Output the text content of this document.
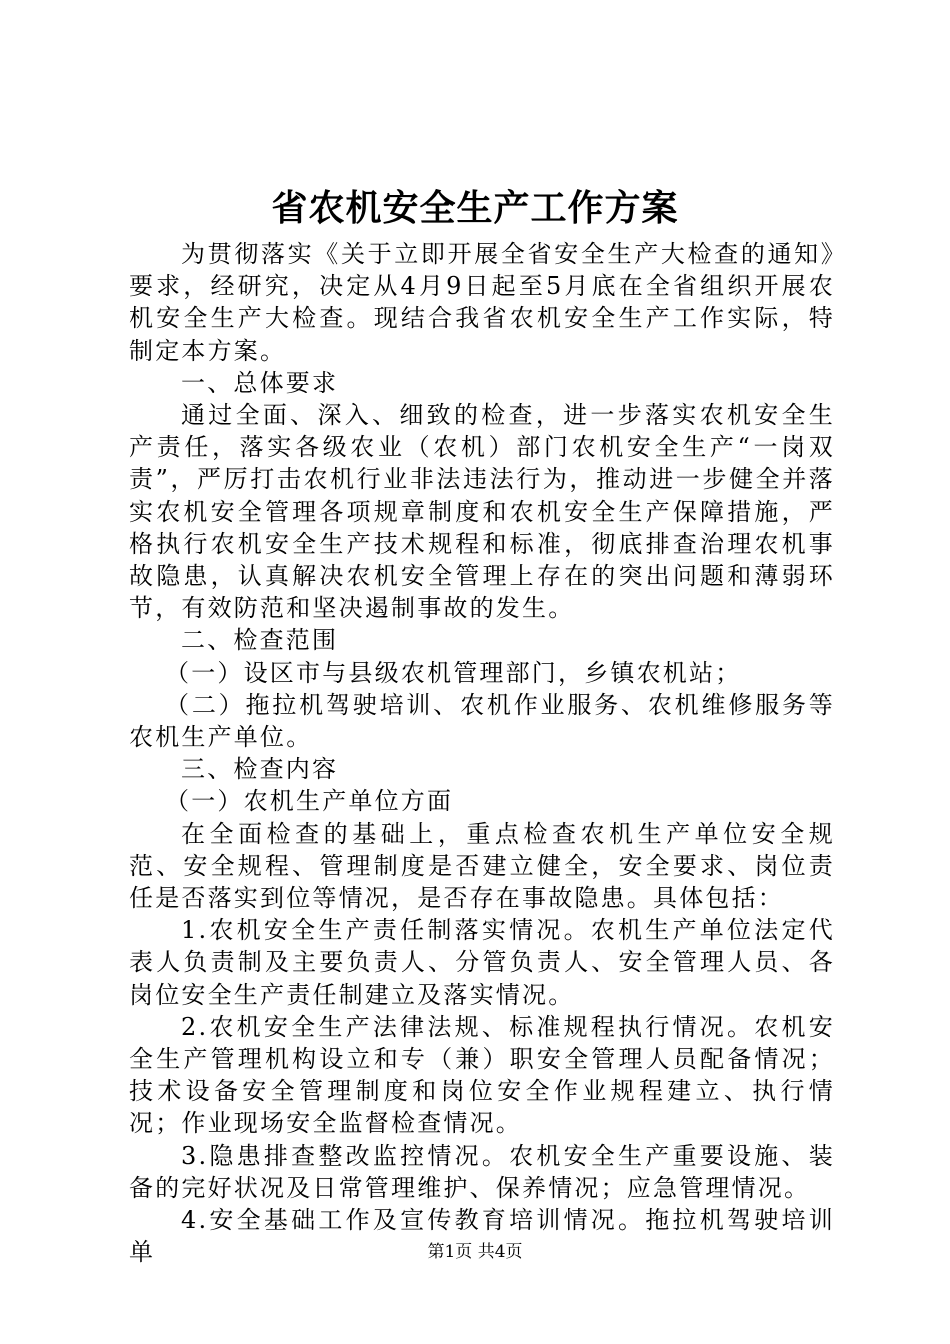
省农机安全生产工作方案

为贯彻落实《关于立即开展全省安全生产大检查的通知》要求，经研究，决定从4月9日起至5月底在全省组织开展农机安全生产大检查。现结合我省农机安全生产工作实际，特制定本方案。

一、总体要求

通过全面、深入、细致的检查，进一步落实农机安全生产责任，落实各级农业（农机）部门农机安全生产“一岗双责”，严厉打击农机行业非法违法行为，推动进一步健全并落实农机安全管理各项规章制度和农机安全生产保障措施，严格执行农机安全生产技术规程和标准，彻底排查治理农机事故隐患，认真解决农机安全管理上存在的突出问题和薄弱环节，有效防范和坚决遏制事故的发生。

二、检查范围

（一）设区市与县级农机管理部门，乡镇农机站；

（二）拖拉机驾驶培训、农机作业服务、农机维修服务等农机生产单位。

三、检查内容

（一）农机生产单位方面

在全面检查的基础上，重点检查农机生产单位安全规范、安全规程、管理制度是否建立健全，安全要求、岗位责任是否落实到位等情况，是否存在事故隐患。具体包括：

1.农机安全生产责任制落实情况。农机生产单位法定代表人负责制及主要负责人、分管负责人、安全管理人员、各岗位安全生产责任制建立及落实情况。

2.农机安全生产法律法规、标准规程执行情况。农机安全生产管理机构设立和专（兼）职安全管理人员配备情况；技术设备安全管理制度和岗位安全作业规程建立、执行情况；作业现场安全监督检查情况。

3.隐患排查整改监控情况。农机安全生产重要设施、装备的完好状况及日常管理维护、保养情况；应急管理情况。

4.安全基础工作及宣传教育培训情况。拖拉机驾驶培训单	第1页 共4页
